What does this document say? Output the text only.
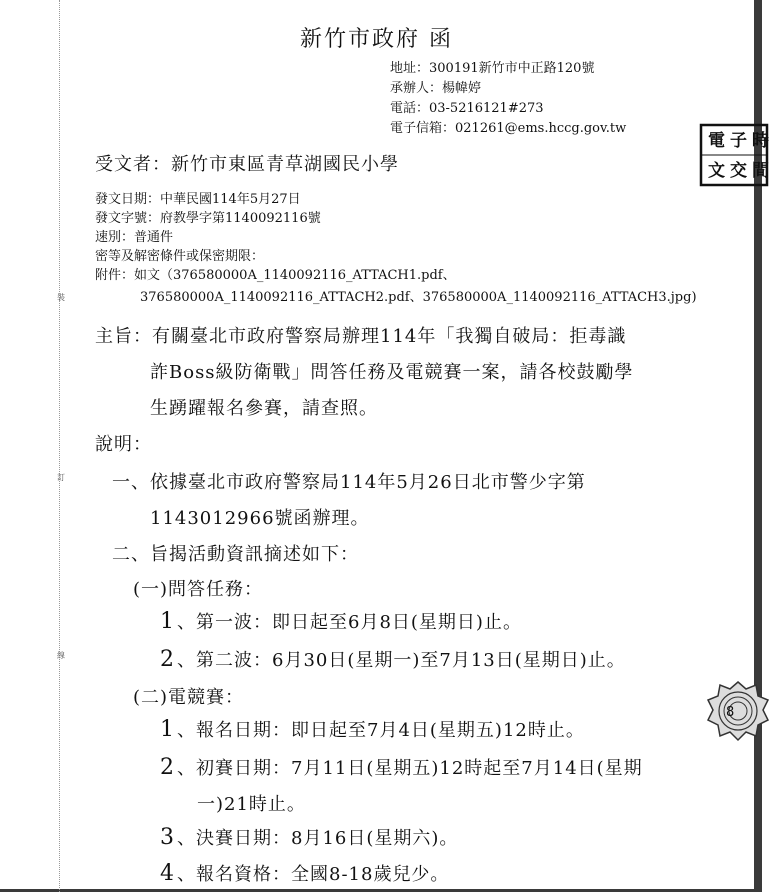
裝
訂
線
新竹市政府 函
地址：300191新竹市中正路120號
承辦人：楊幃婷
電話：03-5216121#273
電子信箱：021261@ems.hccg.gov.tw
電 子 時
文 交 間
受文者：新竹市東區青草湖國民小學
發文日期：中華民國114年5月27日
發文字號：府教學字第1140092116號
速別：普通件
密等及解密條件或保密期限：
附件：如文（376580000A_1140092116_ATTACH1.pdf、
376580000A_1140092116_ATTACH2.pdf、376580000A_1140092116_ATTACH3.jpg)
主旨：有關臺北市政府警察局辦理114年「我獨自破局：拒毒識
詐Boss級防衛戰」問答任務及電競賽一案，請各校鼓勵學
生踴躍報名參賽，請查照。
說明：
一、依據臺北市政府警察局114年5月26日北市警少字第
1143012966號函辦理。
二、旨揭活動資訊摘述如下：
(一)問答任務：
1 、第一波：即日起至6月8日(星期日)止。
2 、第二波：6月30日(星期一)至7月13日(星期日)止。
(二)電競賽：
1 、報名日期：即日起至7月4日(星期五)12時止。
2 、初賽日期：7月11日(星期五)12時起至7月14日(星期
一)21時止。
3 、決賽日期：8月16日(星期六)。
4 、報名資格：全國8-18歲兒少。
8
